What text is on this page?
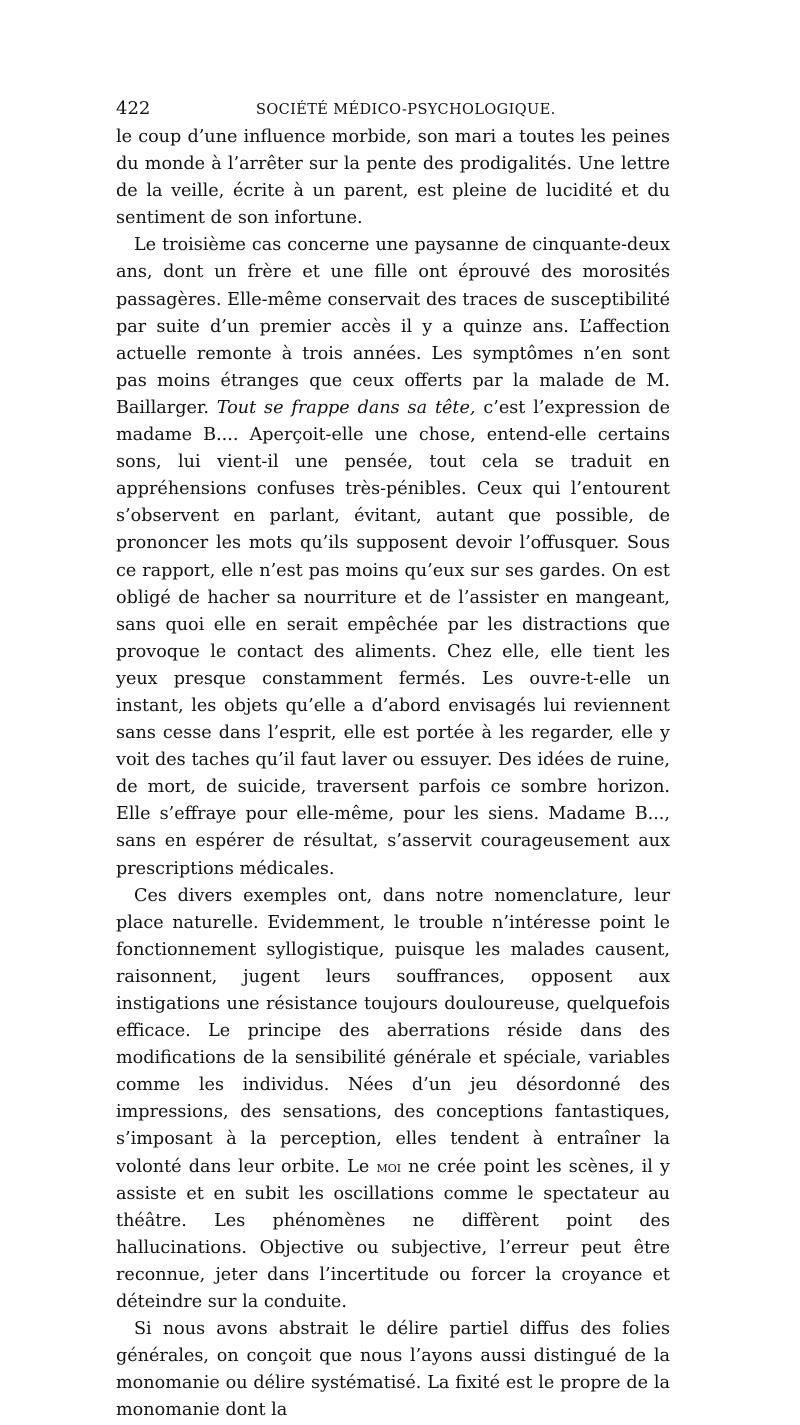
422	SOCIÉTÉ MÉDICO-PSYCHOLOGIQUE.

le coup d’une influence morbide, son mari a toutes les peines du monde à l’arrêter sur la pente des prodigalités. Une lettre de la veille, écrite à un parent, est pleine de lucidité et du sentiment de son infortune.

Le troisième cas concerne une paysanne de cinquante-deux ans, dont un frère et une fille ont éprouvé des morosités passagères. Elle-même conservait des traces de susceptibilité par suite d’un premier accès il y a quinze ans. L’affection actuelle remonte à trois années. Les symptômes n’en sont pas moins étranges que ceux offerts par la malade de M. Baillarger. Tout se frappe dans sa tête, c’est l’expression de madame B.... Aperçoit-elle une chose, entend-elle certains sons, lui vient-il une pensée, tout cela se traduit en appréhensions confuses très-pénibles. Ceux qui l’entourent s’observent en parlant, évitant, autant que possible, de prononcer les mots qu’ils supposent devoir l’offusquer. Sous ce rapport, elle n’est pas moins qu’eux sur ses gardes. On est obligé de hacher sa nourriture et de l’assister en mangeant, sans quoi elle en serait empêchée par les distractions que provoque le contact des aliments. Chez elle, elle tient les yeux presque constamment fermés. Les ouvre-t-elle un instant, les objets qu’elle a d’abord envisagés lui reviennent sans cesse dans l’esprit, elle est portée à les regarder, elle y voit des taches qu’il faut laver ou essuyer. Des idées de ruine, de mort, de suicide, traversent parfois ce sombre horizon. Elle s’effraye pour elle-même, pour les siens. Madame B..., sans en espérer de résultat, s’asservit courageusement aux prescriptions médicales.

Ces divers exemples ont, dans notre nomenclature, leur place naturelle. Evidemment, le trouble n’intéresse point le fonctionnement syllogistique, puisque les malades causent, raisonnent, jugent leurs souffrances, opposent aux instigations une résistance toujours douloureuse, quelquefois efficace. Le principe des aberrations réside dans des modifications de la sensibilité générale et spéciale, variables comme les individus. Nées d’un jeu désordonné des impressions, des sensations, des conceptions fantastiques, s’imposant à la perception, elles tendent à entraîner la volonté dans leur orbite. Le moi ne crée point les scènes, il y assiste et en subit les oscillations comme le spectateur au théâtre. Les phénomènes ne diffèrent point des hallucinations. Objective ou subjective, l’erreur peut être reconnue, jeter dans l’incertitude ou forcer la croyance et déteindre sur la conduite.

Si nous avons abstrait le délire partiel diffus des folies générales, on conçoit que nous l’ayons aussi distingué de la monomanie ou délire systématisé. La fixité est le propre de la monomanie dont la
